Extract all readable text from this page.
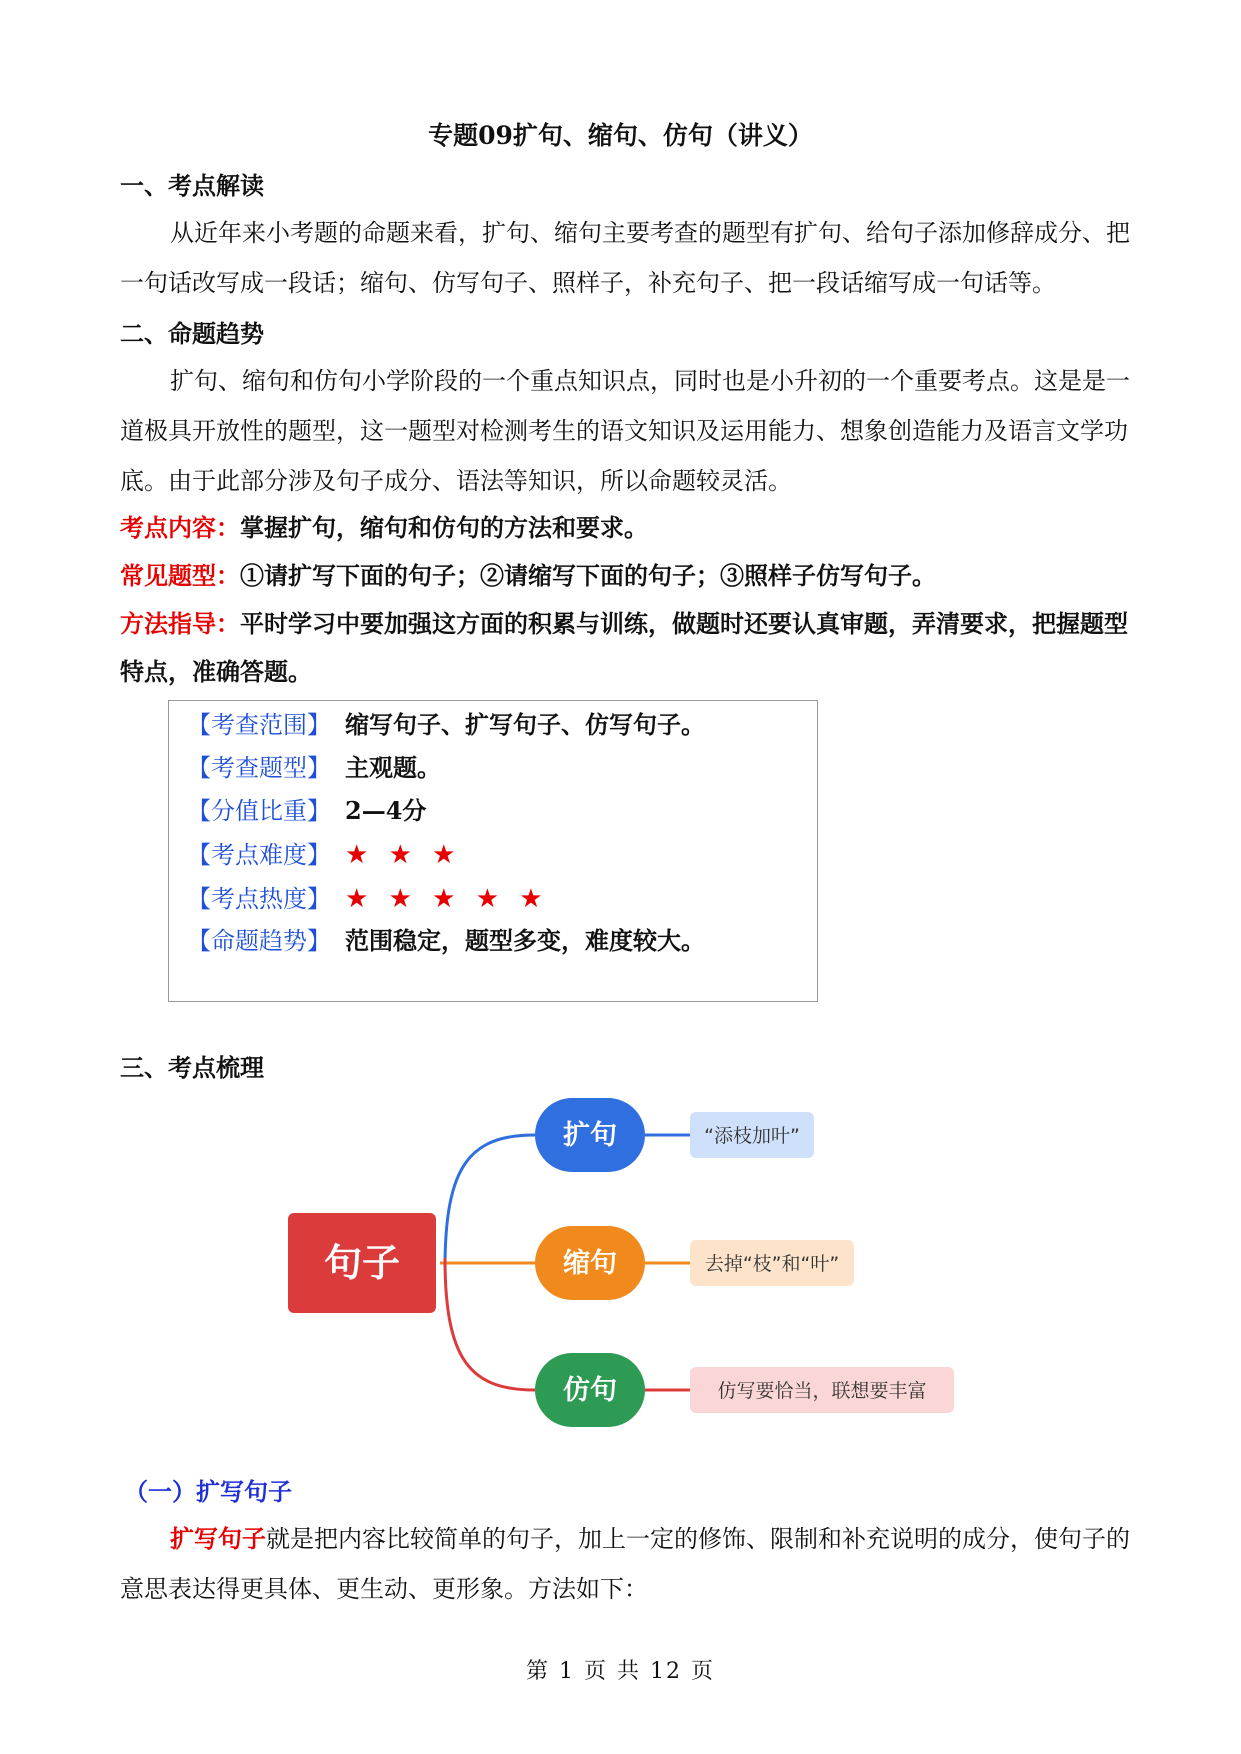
专题09扩句、缩句、仿句（讲义）
一、考点解读
从近年来小考题的命题来看，扩句、缩句主要考查的题型有扩句、给句子添加修辞成分、把一句话改写成一段话；缩句、仿写句子、照样子，补充句子、把一段话缩写成一句话等。
二、命题趋势
扩句、缩句和仿句小学阶段的一个重点知识点，同时也是小升初的一个重要考点。这是是一道极具开放性的题型，这一题型对检测考生的语文知识及运用能力、想象创造能力及语言文学功底。由于此部分涉及句子成分、语法等知识，所以命题较灵活。
考点内容：掌握扩句，缩句和仿句的方法和要求。
常见题型：①请扩写下面的句子；②请缩写下面的句子；③照样子仿写句子。
方法指导：平时学习中要加强这方面的积累与训练，做题时还要认真审题，弄清要求，把握题型特点，准确答题。
【考查范围】 缩写句子、扩写句子、仿写句子。
【考查题型】 主观题。
【分值比重】 2—4分
【考点难度】 ★ ★ ★
【考点热度】 ★ ★ ★ ★ ★
【命题趋势】 范围稳定，题型多变，难度较大。
三、考点梳理
句子
扩句
缩句
仿句
“添枝加叶”
去掉“枝”和“叶”
仿写要恰当，联想要丰富
（一）扩写句子
扩写句子就是把内容比较简单的句子，加上一定的修饰、限制和补充说明的成分，使句子的意思表达得更具体、更生动、更形象。方法如下：
第 1 页 共 12 页
